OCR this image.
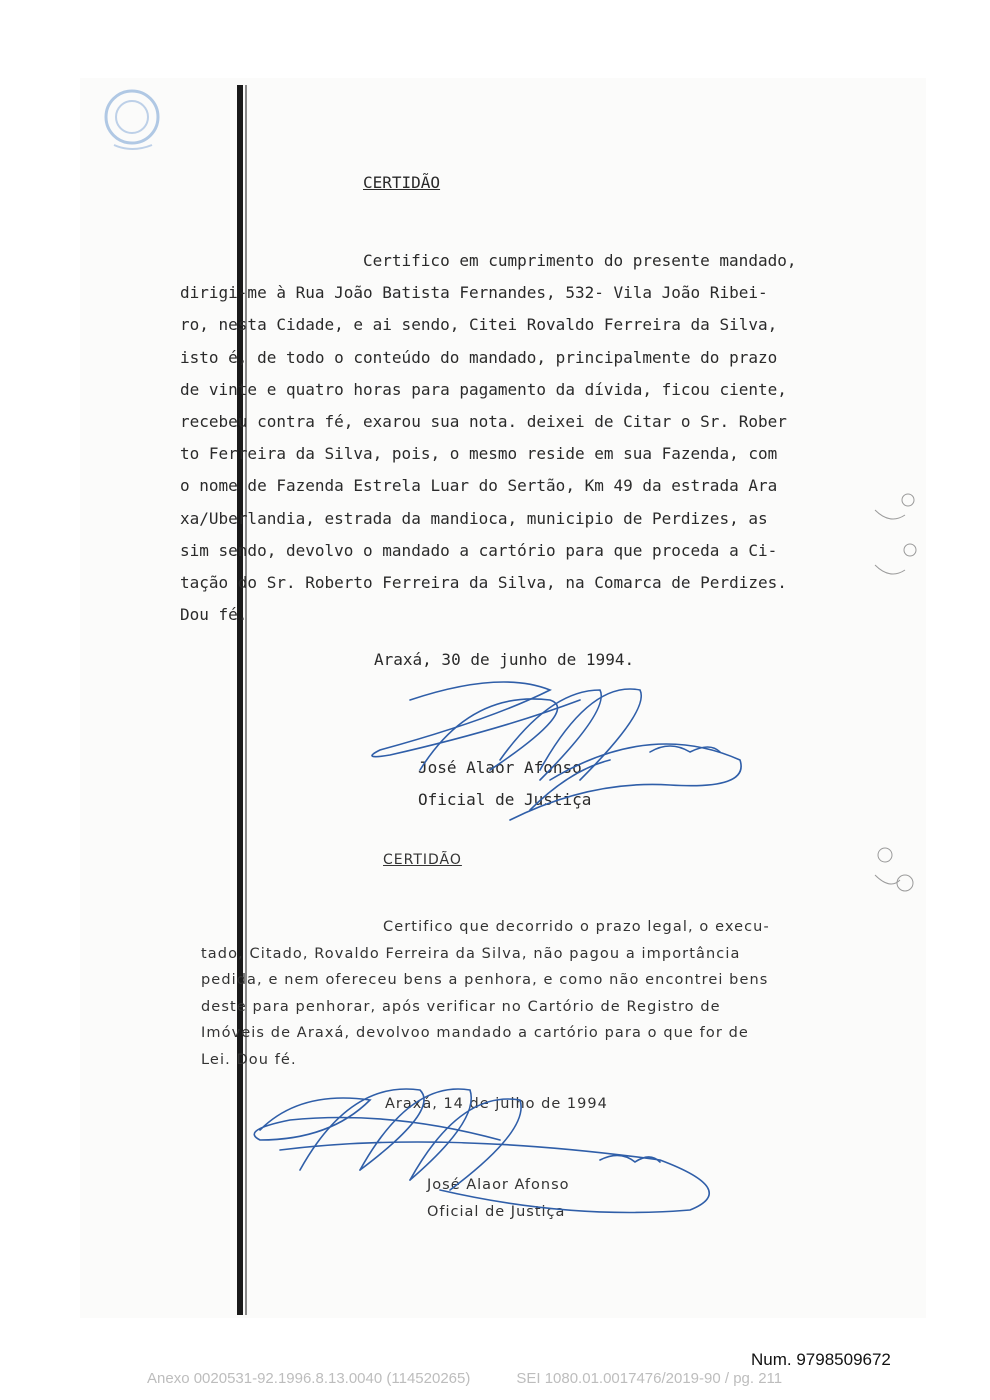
CERTIDÃO

Certifico em cumprimento do presente mandado,
dirigi-me à Rua João Batista Fernandes, 532- Vila João Ribei-
ro, nesta Cidade, e ai sendo, Citei Rovaldo Ferreira da Silva,
isto é, de todo o conteúdo do mandado, principalmente do prazo
de vinte e quatro horas para pagamento da dívida, ficou ciente,
recebeu contra fé, exarou sua nota. deixei de Citar o Sr. Rober
to Ferreira da Silva, pois, o mesmo reside em sua Fazenda, com
o nome de Fazenda Estrela Luar do Sertão, Km 49 da estrada Ara
xa/Uberlandia, estrada da mandioca, municipio de Perdizes, as
sim sendo, devolvo o mandado a cartório para que proceda a Ci-
tação do Sr. Roberto Ferreira da Silva, na Comarca de Perdizes.
Dou fé.

Araxá, 30 de junho de 1994.
José Alaor Afonso
Oficial de Justiça
CERTIDÃO

Certifico que decorrido o prazo legal, o execu-
tado, Citado, Rovaldo Ferreira da Silva, não pagou a importância
pedida, e nem ofereceu bens a penhora, e como não encontrei bens
deste para penhorar, após verificar no Cartório de Registro de
Imóveis de Araxá, devolvoo mandado a cartório para o que for de
Lei. Dou fé.

Araxá, 14 de julho de 1994
José Alaor Afonso
Oficial de Justiça
Num. 9798509672
Anexo 0020531-92.1996.8.13.0040 (114520265)	SEI 1080.01.0017476/2019-90 / pg. 211
